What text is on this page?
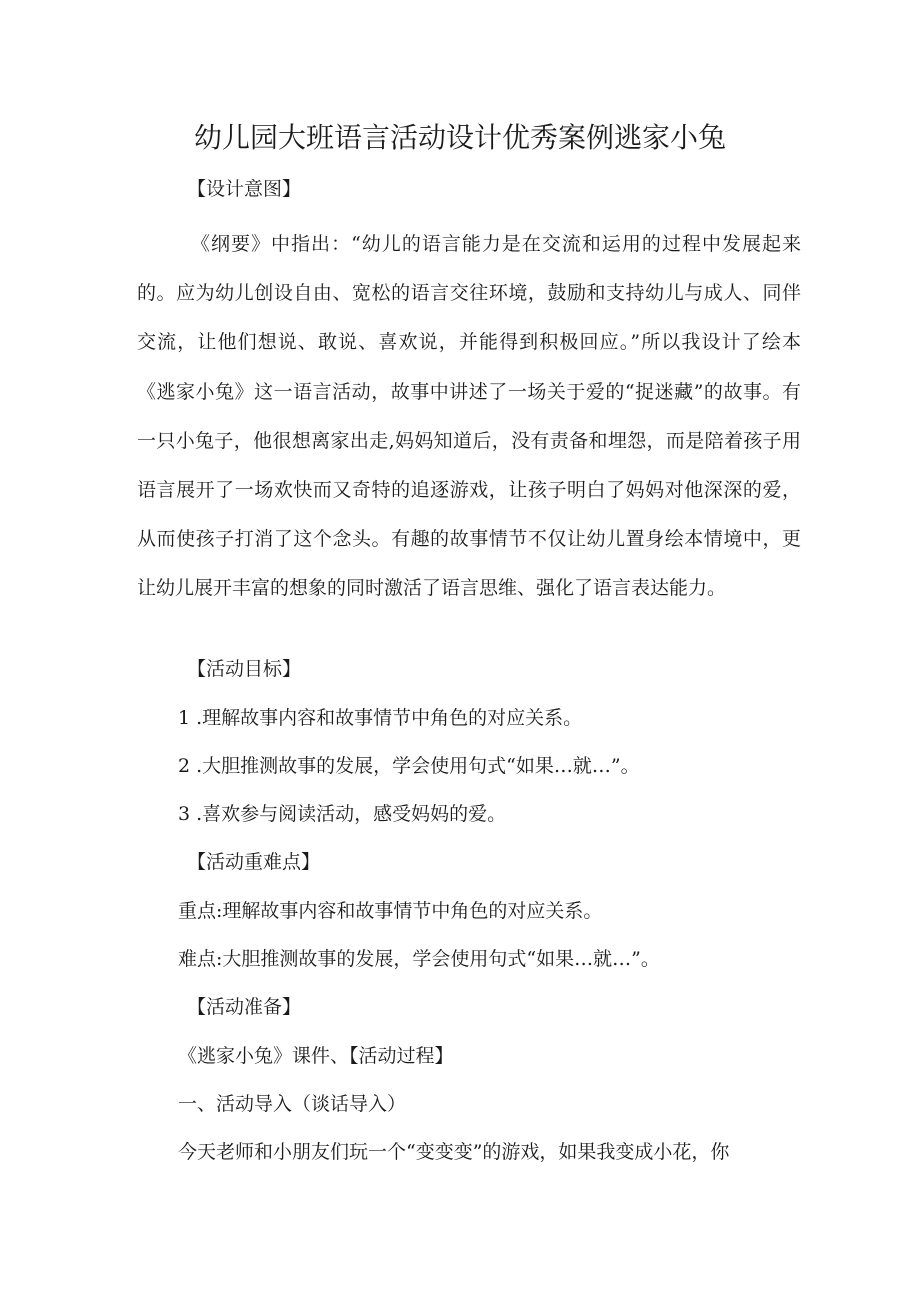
幼儿园大班语言活动设计优秀案例逃家小兔
【设计意图】
《纲要》中指出：“幼儿的语言能力是在交流和运用的过程中发展起来的。应为幼儿创设自由、宽松的语言交往环境，鼓励和支持幼儿与成人、同伴交流，让他们想说、敢说、喜欢说，并能得到积极回应。”所以我设计了绘本《逃家小兔》这一语言活动，故事中讲述了一场关于爱的“捉迷藏”的故事。有一只小兔子，他很想离家出走,妈妈知道后，没有责备和埋怨，而是陪着孩子用语言展开了一场欢快而又奇特的追逐游戏，让孩子明白了妈妈对他深深的爱，从而使孩子打消了这个念头。有趣的故事情节不仅让幼儿置身绘本情境中，更让幼儿展开丰富的想象的同时激活了语言思维、强化了语言表达能力。
【活动目标】
1 .理解故事内容和故事情节中角色的对应关系。
2 .大胆推测故事的发展，学会使用句式“如果…就…”。
3 .喜欢参与阅读活动，感受妈妈的爱。
【活动重难点】
重点:理解故事内容和故事情节中角色的对应关系。
难点:大胆推测故事的发展，学会使用句式“如果…就…”。
【活动准备】
《逃家小兔》课件、【活动过程】
一、活动导入（谈话导入）
今天老师和小朋友们玩一个“变变变”的游戏，如果我变成小花，你
